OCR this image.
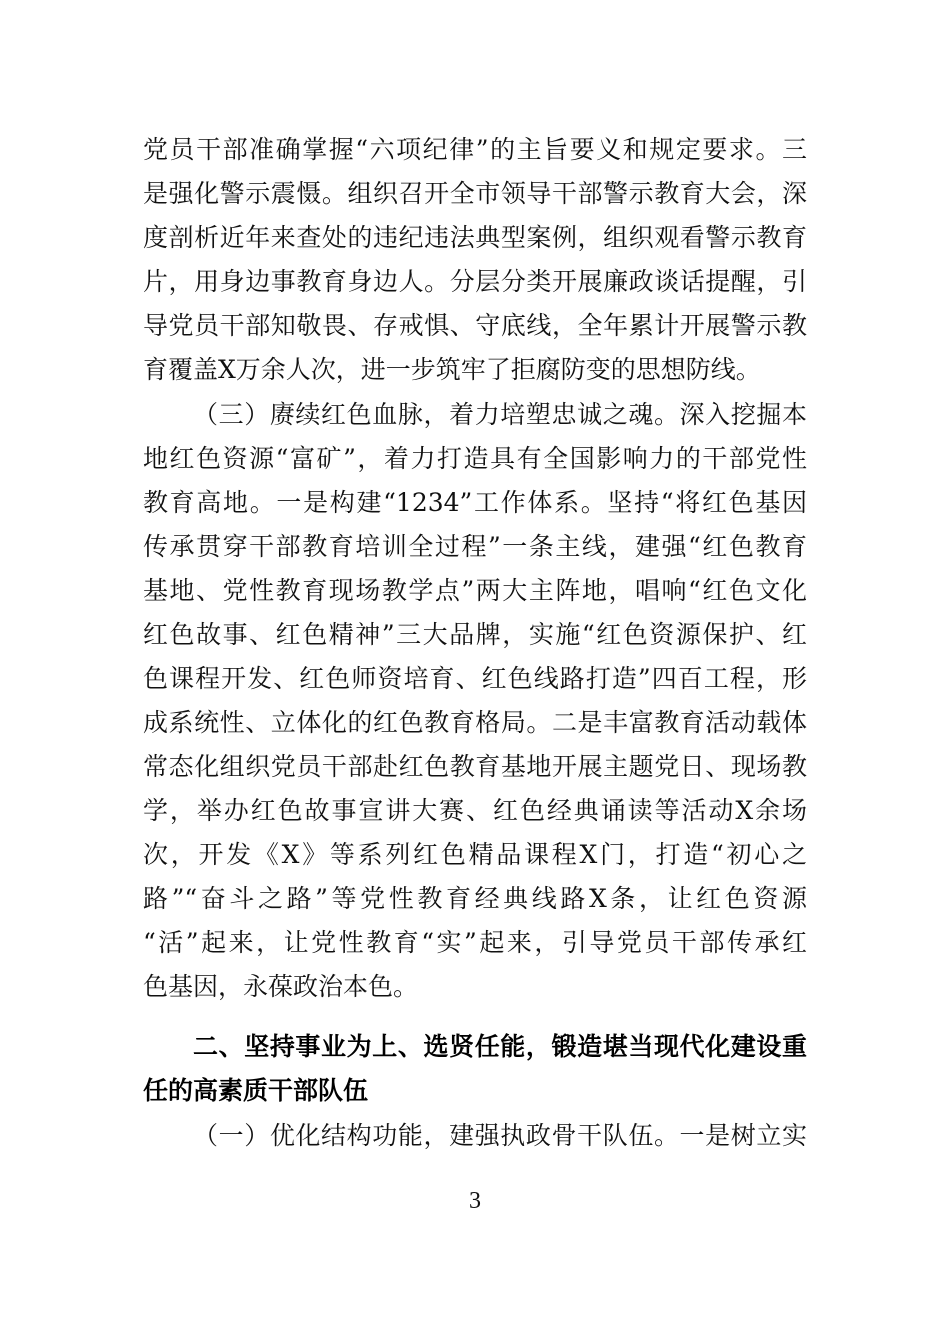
党员干部准确掌握“六项纪律”的主旨要义和规定要求。三
是强化警示震慑。组织召开全市领导干部警示教育大会，深
度剖析近年来查处的违纪违法典型案例，组织观看警示教育
片，用身边事教育身边人。分层分类开展廉政谈话提醒，引
导党员干部知敬畏、存戒惧、守底线，全年累计开展警示教
育覆盖X万余人次，进一步筑牢了拒腐防变的思想防线。
（三）赓续红色血脉，着力培塑忠诚之魂。深入挖掘本
地红色资源“富矿”，着力打造具有全国影响力的干部党性
教育高地。一是构建“1234”工作体系。坚持“将红色基因
传承贯穿干部教育培训全过程”一条主线，建强“红色教育
基地、党性教育现场教学点”两大主阵地，唱响“红色文化
红色故事、红色精神”三大品牌，实施“红色资源保护、红
色课程开发、红色师资培育、红色线路打造”四百工程，形
成系统性、立体化的红色教育格局。二是丰富教育活动载体
常态化组织党员干部赴红色教育基地开展主题党日、现场教
学，举办红色故事宣讲大赛、红色经典诵读等活动X余场
次，开发《X》等系列红色精品课程X门，打造“初心之
路”“奋斗之路”等党性教育经典线路X条，让红色资源
“活”起来，让党性教育“实”起来，引导党员干部传承红
色基因，永葆政治本色。
二、坚持事业为上、选贤任能，锻造堪当现代化建设重
任的高素质干部队伍
（一）优化结构功能，建强执政骨干队伍。一是树立实
3
